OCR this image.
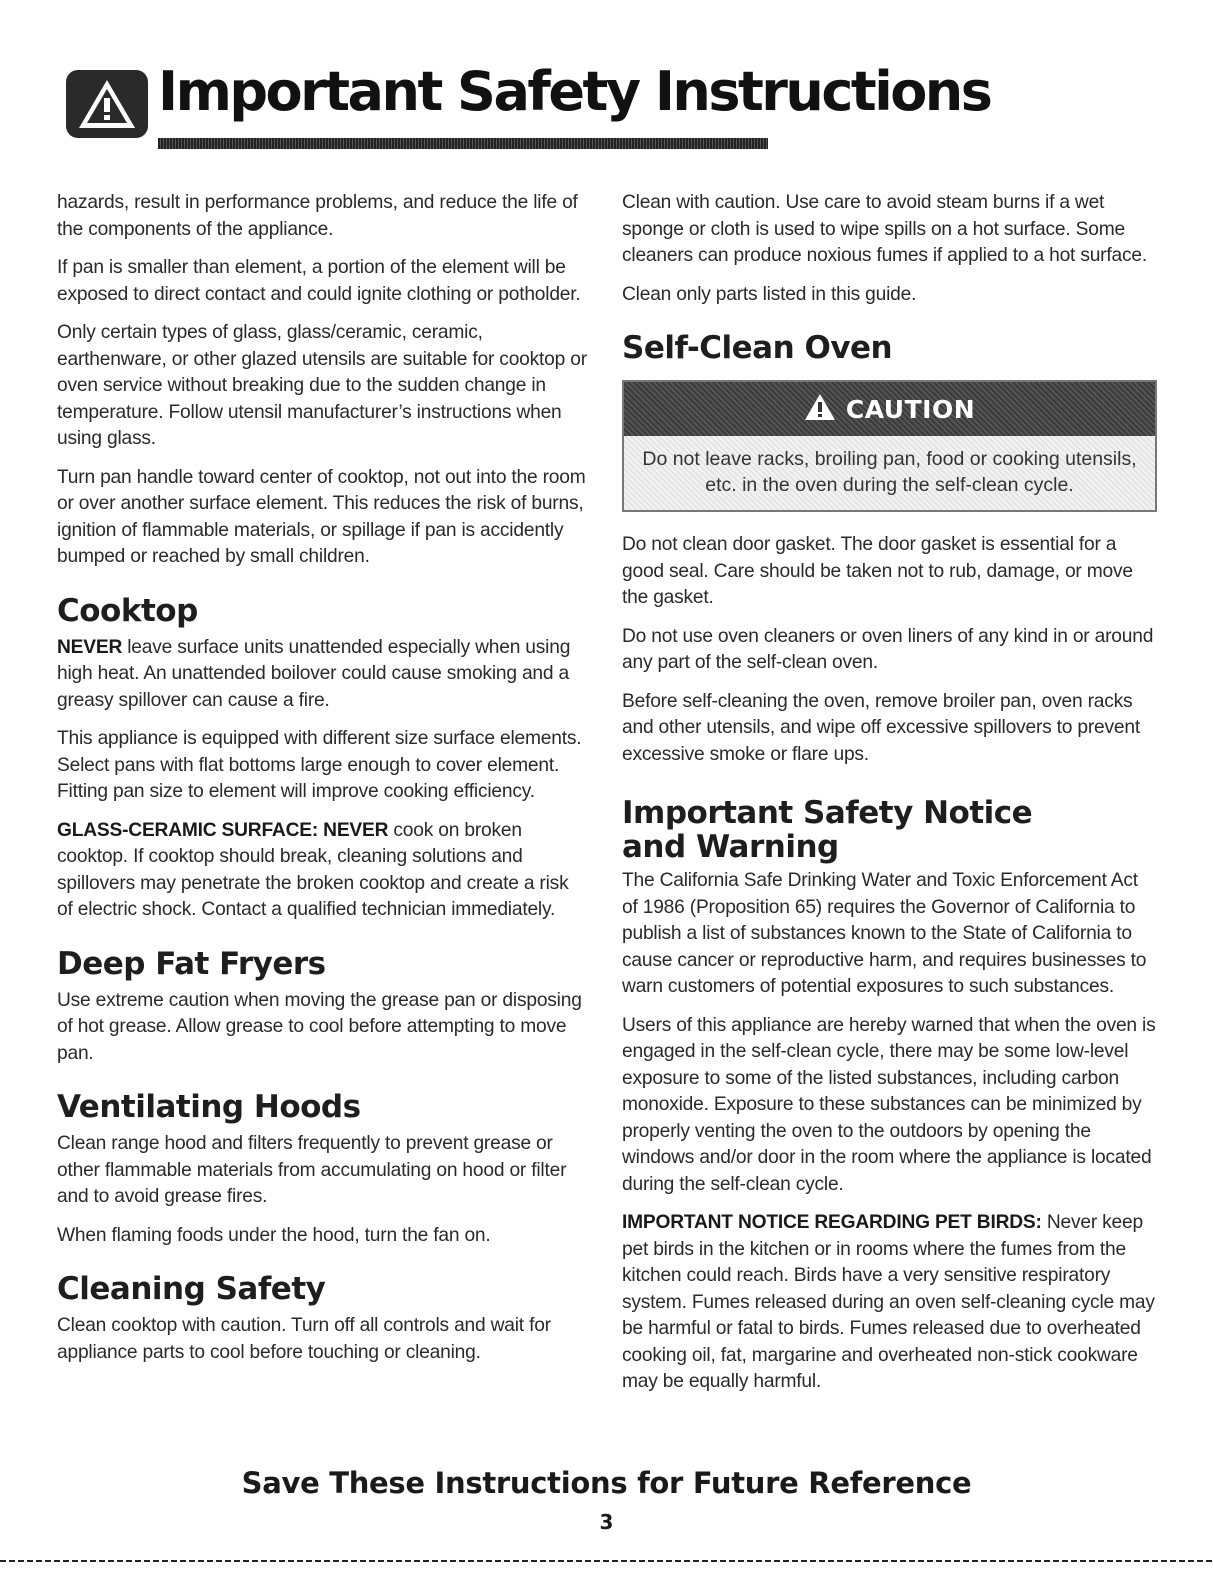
Important Safety Instructions

hazards, result in performance problems, and reduce the life of the components of the appliance.

If pan is smaller than element, a portion of the element will be exposed to direct contact and could ignite clothing or potholder.

Only certain types of glass, glass/ceramic, ceramic, earthenware, or other glazed utensils are suitable for cooktop or oven service without breaking due to the sudden change in temperature. Follow utensil manufacturer’s instructions when using glass.

Turn pan handle toward center of cooktop, not out into the room or over another surface element. This reduces the risk of burns, ignition of flammable materials, or spillage if pan is accidently bumped or reached by small children.

Cooktop

NEVER leave surface units unattended especially when using high heat. An unattended boilover could cause smoking and a greasy spillover can cause a fire.

This appliance is equipped with different size surface elements. Select pans with flat bottoms large enough to cover element. Fitting pan size to element will improve cooking efficiency.

GLASS-CERAMIC SURFACE: NEVER cook on broken cooktop. If cooktop should break, cleaning solutions and spillovers may penetrate the broken cooktop and create a risk of electric shock. Contact a qualified technician immediately.

Deep Fat Fryers

Use extreme caution when moving the grease pan or disposing of hot grease. Allow grease to cool before attempting to move pan.

Ventilating Hoods

Clean range hood and filters frequently to prevent grease or other flammable materials from accumulating on hood or filter and to avoid grease fires.

When flaming foods under the hood, turn the fan on.

Cleaning Safety

Clean cooktop with caution. Turn off all controls and wait for appliance parts to cool before touching or cleaning.

Clean with caution. Use care to avoid steam burns if a wet sponge or cloth is used to wipe spills on a hot surface. Some cleaners can produce noxious fumes if applied to a hot surface.

Clean only parts listed in this guide.

Self-Clean Oven
CAUTION
Do not leave racks, broiling pan, food or cooking utensils, etc. in the oven during the self-clean cycle.

Do not clean door gasket. The door gasket is essential for a good seal. Care should be taken not to rub, damage, or move the gasket.

Do not use oven cleaners or oven liners of any kind in or around any part of the self-clean oven.

Before self-cleaning the oven, remove broiler pan, oven racks and other utensils, and wipe off excessive spillovers to prevent excessive smoke or flare ups.

Important Safety Notice
and Warning

The California Safe Drinking Water and Toxic Enforcement Act of 1986 (Proposition 65) requires the Governor of California to publish a list of substances known to the State of California to cause cancer or reproductive harm, and requires businesses to warn customers of potential exposures to such substances.

Users of this appliance are hereby warned that when the oven is engaged in the self-clean cycle, there may be some low-level exposure to some of the listed substances, including carbon monoxide. Exposure to these substances can be minimized by properly venting the oven to the outdoors by opening the windows and/or door in the room where the appliance is located during the self-clean cycle.

IMPORTANT NOTICE REGARDING PET BIRDS: Never keep pet birds in the kitchen or in rooms where the fumes from the kitchen could reach. Birds have a very sensitive respiratory system. Fumes released during an oven self-cleaning cycle may be harmful or fatal to birds. Fumes released due to overheated cooking oil, fat, margarine and overheated non-stick cookware may be equally harmful.

Save These Instructions for Future Reference
3
